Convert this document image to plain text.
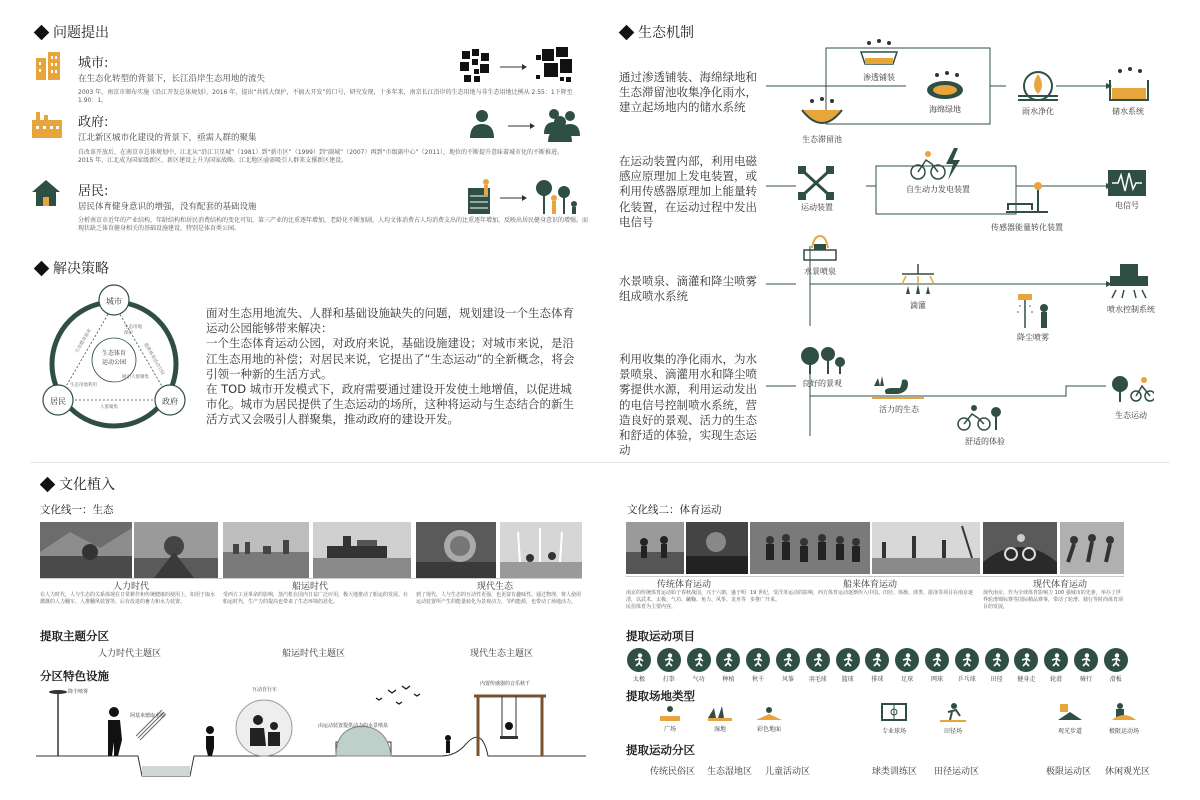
问题提出
城市:
在生态化转型的背景下，长江沿岸生态用地的流失
2003 年，南京市颁布实施《沿江开发总体规划》，2016 年，提出“共抓大保护，不搞大开发”的口号，研究发现，十多年来，南京长江沿岸的生态用地与非生态用地比例从 2.55：1下降至 1.90：1。
政府:
江北新区城市化建设的背景下，亟需人群的聚集
自改革开放后，在南京市总体规划中，江北从“沿江卫星城”（1981）到“新市区”（1999）到“副城”（2007）再到“市级副中心”（2011），地位的不断提升意味着城市化的不断推进。2015 年，江北成为国家级新区，新区建设上升为国家战略。江北地区亟需吸引人群来支撑新区建设。
居民:
居民体育健身意识的增强，没有配套的基础设施
分析南京市近年的产业结构、年龄结构和居民消费结构的变化可知，第三产业的比重逐年增加，老龄化不断加剧，人均文体消费占人均消费支出的比重逐年增加，反映出居民健身意识的增强。而现状缺乏体育健身相关的基础设施建设，特别是体育类公园。
解决策略
城市
居民	政府
生态体育
运动公园
生态健身需求
生态用地保护
人群聚集
生态用地利用
吸引人群聚集
提供体育活动空间
面对生态用地流失、人群和基础设施缺失的问题，规划建设一个生态体育运动公园能够带来解决：
一个生态体育运动公园，对政府来说，基础设施建设；对城市来说，是沿江生态用地的补偿；对居民来说，它提出了“生态运动”的全新概念，将会引领一种新的生活方式。
在 TOD 城市开发模式下，政府需要通过建设开发使土地增值，以促进城市化。城市为居民提供了生态运动的场所，这种将运动与生态结合的新生活方式又会吸引人群聚集，推动政府的建设开发。
生态机制
通过渗透铺装、海绵绿地和生态滞留池收集净化雨水，建立起场地内的储水系统
在运动装置内部，利用电磁感应原理加上发电装置，或利用传感器原理加上能量转化装置，在运动过程中发出电信号
水景喷泉、滴灌和降尘喷雾组成喷水系统
利用收集的净化雨水，为水景喷泉、滴灌用水和降尘喷雾提供水源，利用运动发出的电信号控制喷水系统，营造良好的景观、活力的生态和舒适的体验，实现生态运动
渗透铺装
海绵绿地
生态滞留池
雨水净化	储水系统
运动装置
自生动力发电装置
传感器能量转化装置
电信号
水景喷泉
滴灌
降尘喷雾
喷水控制系统
良好的景观
活力的生态
舒适的体验
生态运动
文化植入
文化线一：生态
人力时代	船运时代	现代生态
在人力时代，人与生态的关系体现在日常耕作和传统健康的使用上，如用于取水灌溉的人力翻车、人推翻风装置等，后有改进的畜力和水力装置。
受西方工业革命的影响，蒸汽机在国内日益广泛应用，极大地推动了船运的发展。在船运时代，生产力的提高也带来了生态环境的恶化。
到了现代，人与生态的互动性更强，也更富有趣味性。通过物理，将人使用运动装置所产生的能量转化为景观动力，节约能源，也带动了场地活力。
提取主题分区
人力时代主题区	船运时代主题区	现代生态主题区
分区特色设施
降尘喷雾
阿基米德取水器
互动自行车
由运动装置提供动力的水景喷泉
内置传感器的音乐秋千
文化线二：体育运动
传统体育运动	船来体育运动	现代体育运动
南京的传统体育运动始于春秋战国，兴于六朝，盛于明清，以武术、太极、气功、蹴鞠、角力、风筝、龙舟等民俗体育为主要内容。
19 世纪，受洋务运动的影响，西方体育运动逐渐传入中国。田径、体操、球类、游泳等项目在南京逐步推广开来。
现代南京，作为全球体育影响力 100 强城市的先驱，举办了世界轮滑锦标赛等国际精品赛事，带动了轮滑、骑行等时尚体育项目的发展。
提取运动项目
太极	打拳	气功	种植	秋千	风筝	羽毛球	篮球	排球	足球	网球	乒乓球	田径	健身走	轮滑	骑行	滑板
提取场地类型
广场	湿地	彩色地面	专业球场	田径场	观光步道	极限运动场
提取运动分区
传统民俗区 生态湿地区 儿童活动区	球类训练区 田径运动区	极限运动区 休闲观光区
